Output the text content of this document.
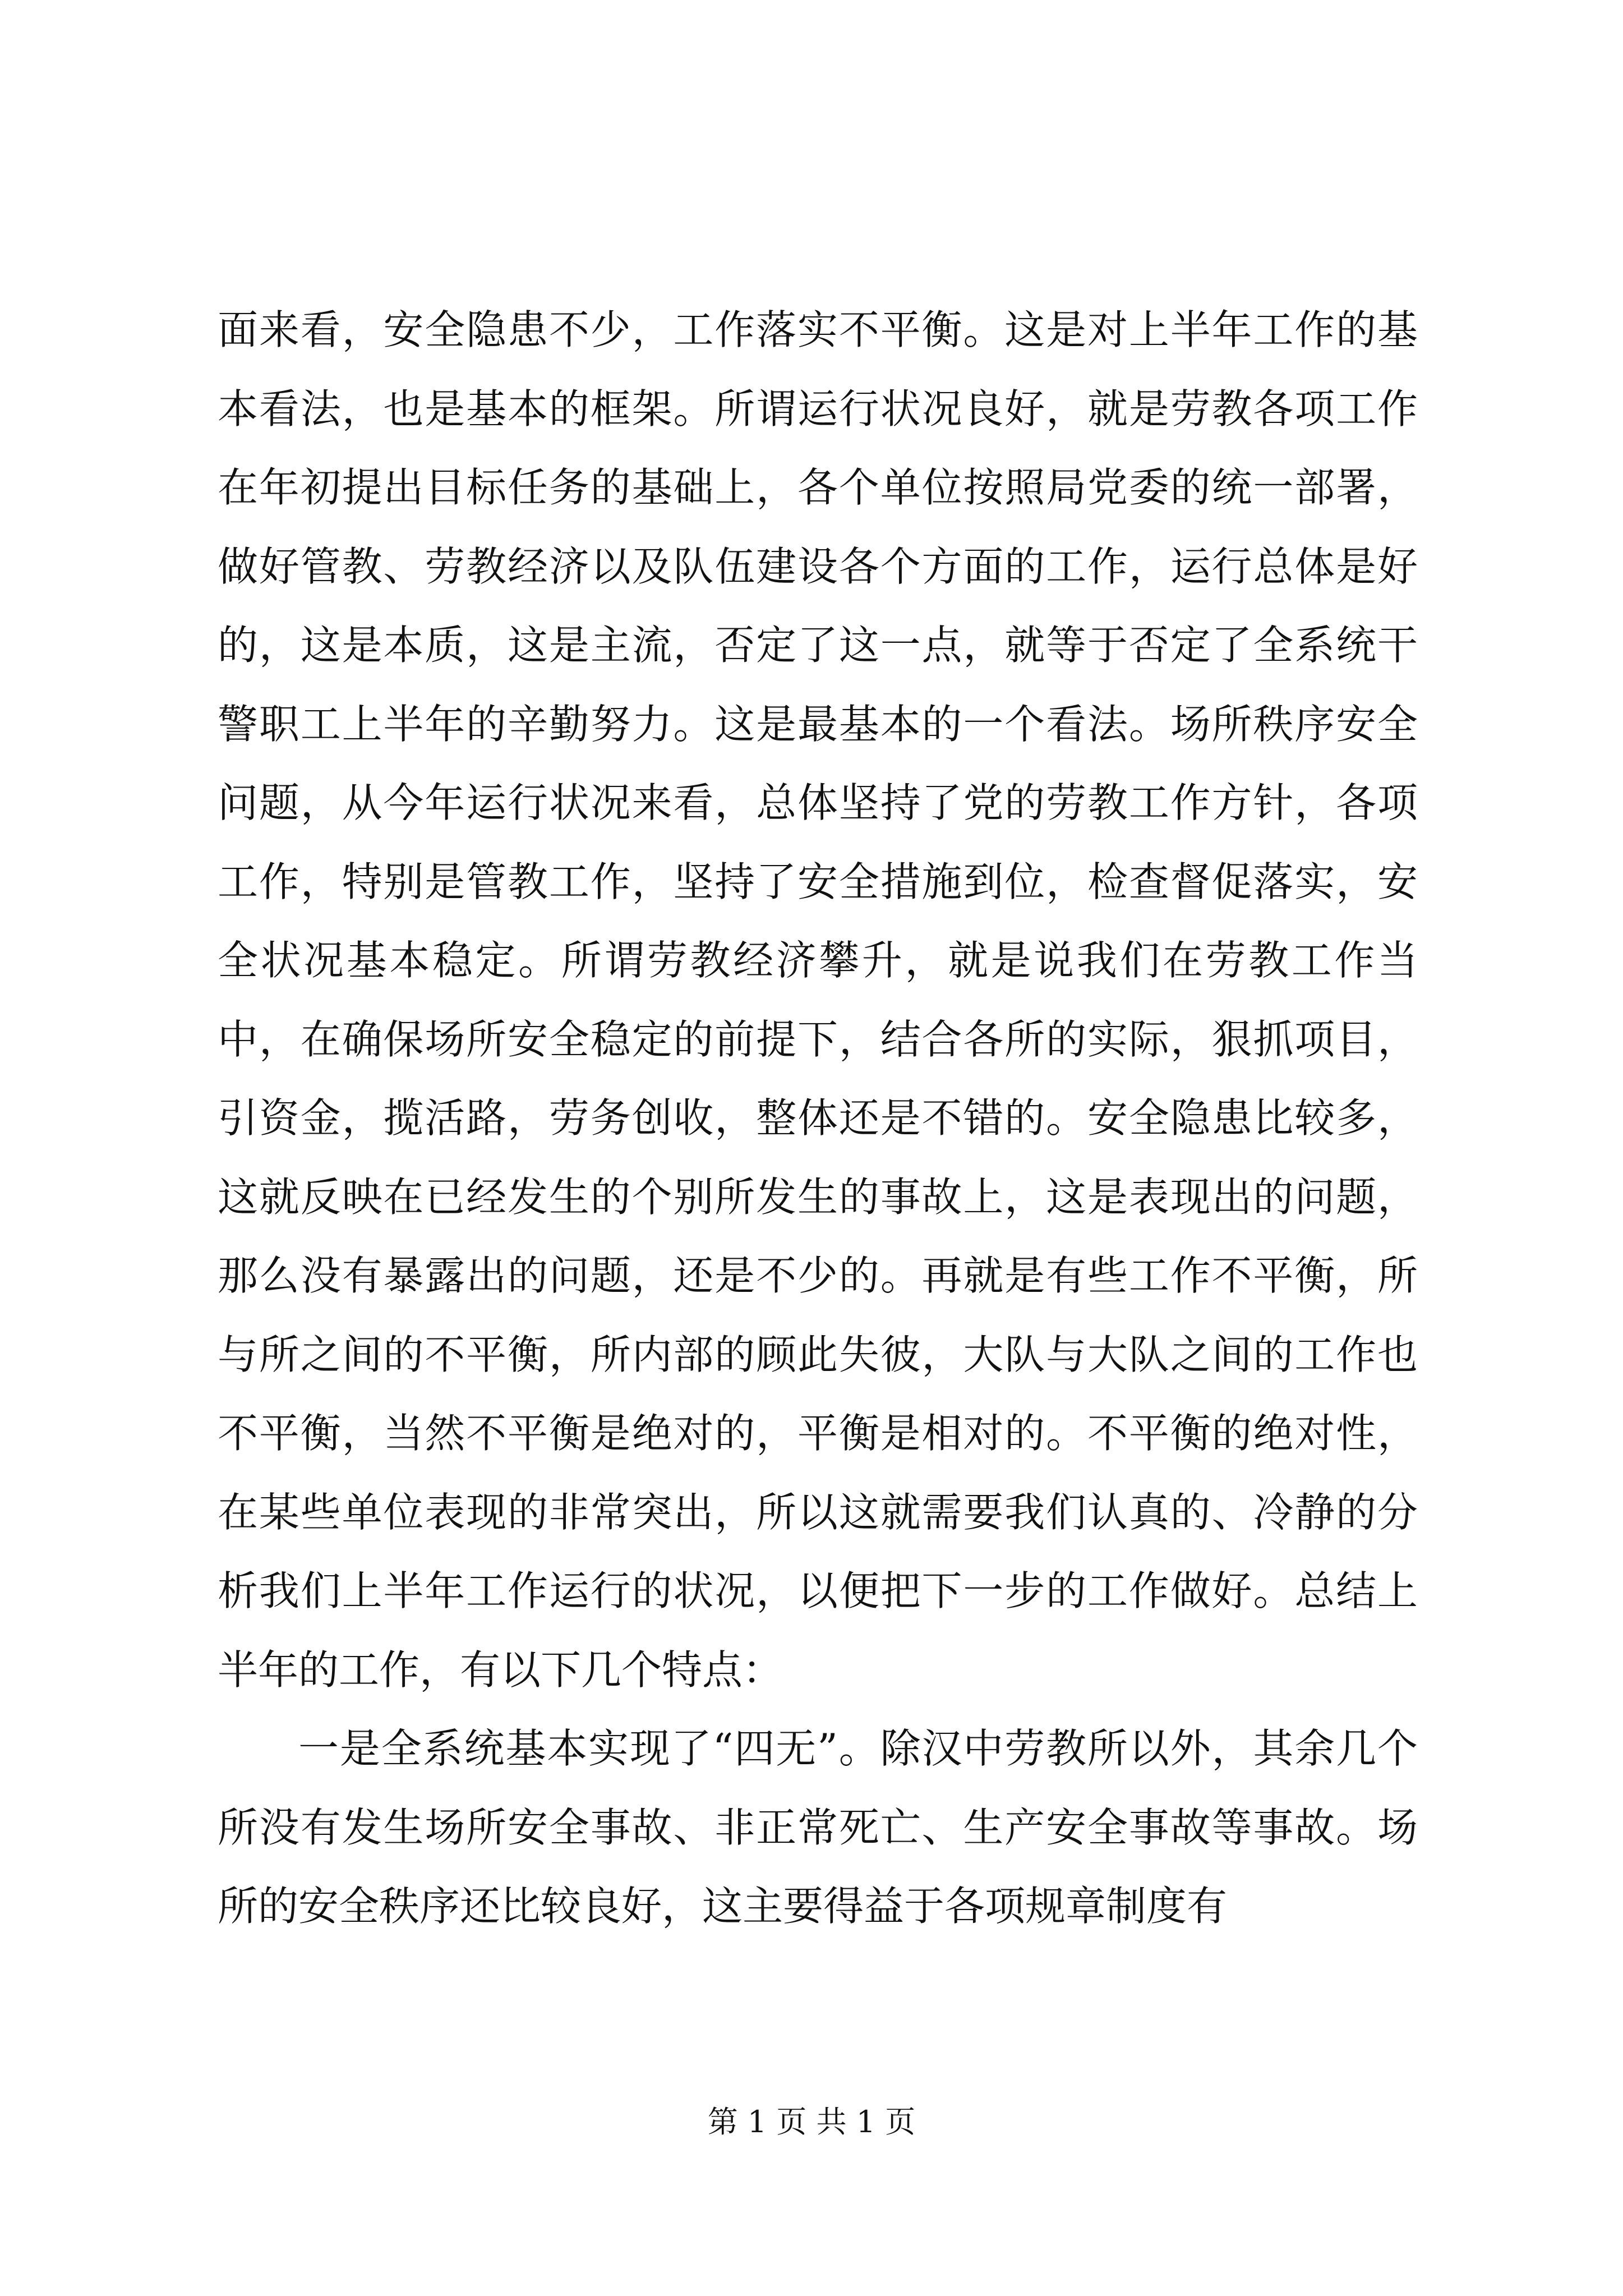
面来看，安全隐患不少，工作落实不平衡。这是对上半年工作的基本看法，也是基本的框架。所谓运行状况良好，就是劳教各项工作在年初提出目标任务的基础上，各个单位按照局党委的统一部署，做好管教、劳教经济以及队伍建设各个方面的工作，运行总体是好的，这是本质，这是主流，否定了这一点，就等于否定了全系统干警职工上半年的辛勤努力。这是最基本的一个看法。场所秩序安全问题，从今年运行状况来看，总体坚持了党的劳教工作方针，各项工作，特别是管教工作，坚持了安全措施到位，检查督促落实，安全状况基本稳定。所谓劳教经济攀升，就是说我们在劳教工作当中，在确保场所安全稳定的前提下，结合各所的实际，狠抓项目，引资金，揽活路，劳务创收，整体还是不错的。安全隐患比较多，这就反映在已经发生的个别所发生的事故上，这是表现出的问题，那么没有暴露出的问题，还是不少的。再就是有些工作不平衡，所与所之间的不平衡，所内部的顾此失彼，大队与大队之间的工作也不平衡，当然不平衡是绝对的，平衡是相对的。不平衡的绝对性，在某些单位表现的非常突出，所以这就需要我们认真的、冷静的分析我们上半年工作运行的状况，以便把下一步的工作做好。总结上半年的工作，有以下几个特点：

一是全系统基本实现了“四无”。除汉中劳教所以外，其余几个所没有发生场所安全事故、非正常死亡、生产安全事故等事故。场所的安全秩序还比较良好，这主要得益于各项规章制度有

第 1 页 共 1 页
